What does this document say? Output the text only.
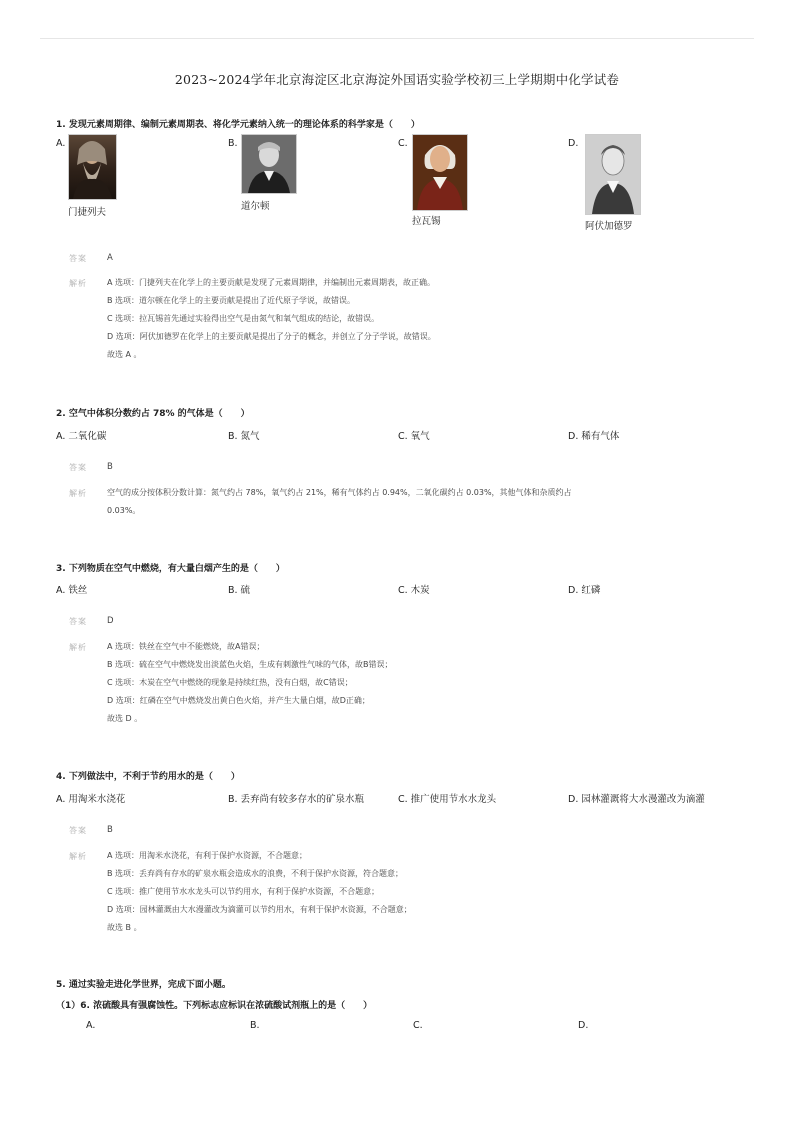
2023~2024学年北京海淀区北京海淀外国语实验学校初三上学期期中化学试卷
1. 发现元素周期律、编制元素周期表、将化学元素纳入统一的理论体系的科学家是（　　）
A.
门捷列夫
B.
道尔顿
C.
拉瓦锡
D.
阿伏加德罗
答案 A
解析	A 选项：门捷列夫在化学上的主要贡献是发现了元素周期律，并编制出元素周期表，故正确。
B 选项：道尔顿在化学上的主要贡献是提出了近代原子学说，故错误。
C 选项：拉瓦锡首先通过实验得出空气是由氮气和氧气组成的结论，故错误。
D 选项：阿伏加德罗在化学上的主要贡献是提出了分子的概念，并创立了分子学说，故错误。
故选 A 。
2. 空气中体积分数约占 78% 的气体是（　　）
A. 二氧化碳	B. 氮气	C. 氧气	D. 稀有气体
答案 B
解析	空气的成分按体积分数计算：氮气约占 78%，氧气约占 21%，稀有气体约占 0.94%，二氧化碳约占 0.03%，其他气体和杂质约占
0.03%。
3. 下列物质在空气中燃烧，有大量白烟产生的是（　　）
A. 铁丝	B. 硫	C. 木炭	D. 红磷
答案 D
解析	A 选项：铁丝在空气中不能燃烧，故A错误；
B 选项：硫在空气中燃烧发出淡蓝色火焰，生成有刺激性气味的气体，故B错误；
C 选项：木炭在空气中燃烧的现象是持续红热，没有白烟，故C错误；
D 选项：红磷在空气中燃烧发出黄白色火焰，并产生大量白烟，故D正确；
故选 D 。
4. 下列做法中，不利于节约用水的是（　　）
A. 用淘米水浇花	B. 丢弃尚有较多存水的矿泉水瓶	C. 推广使用节水水龙头	D. 园林灌溉将大水漫灌改为滴灌
答案 B
解析	A 选项：用淘米水浇花，有利于保护水资源，不合题意；
B 选项：丢弃尚有存水的矿泉水瓶会造成水的浪费，不利于保护水资源，符合题意；
C 选项：推广使用节水水龙头可以节约用水，有利于保护水资源，不合题意；
D 选项：园林灌溉由大水漫灌改为滴灌可以节约用水，有利于保护水资源，不合题意；
故选 B 。
5. 通过实验走进化学世界，完成下面小题。
（1）6. 浓硫酸具有强腐蚀性。下列标志应标识在浓硫酸试剂瓶上的是（　　）
A.	B.	C.	D.
